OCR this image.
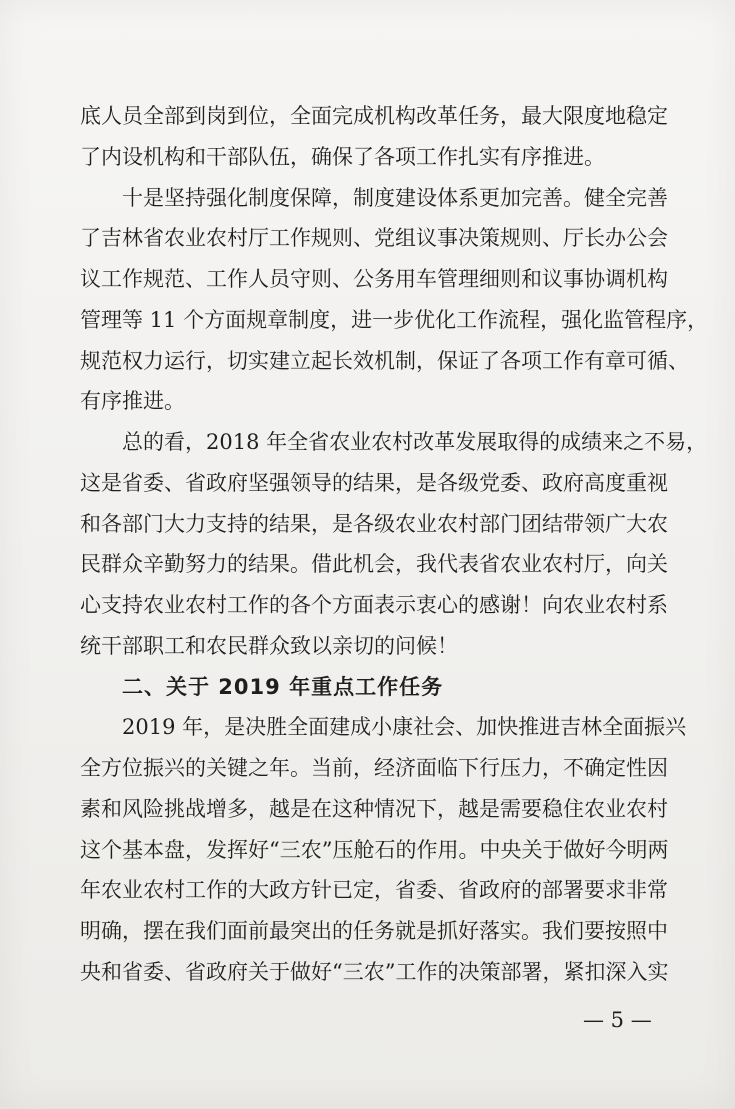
底人员全部到岗到位，全面完成机构改革任务，最大限度地稳定
了内设机构和干部队伍，确保了各项工作扎实有序推进。
十是坚持强化制度保障，制度建设体系更加完善。健全完善
了吉林省农业农村厅工作规则、党组议事决策规则、厅长办公会
议工作规范、工作人员守则、公务用车管理细则和议事协调机构
管理等 11 个方面规章制度，进一步优化工作流程，强化监管程序，
规范权力运行，切实建立起长效机制，保证了各项工作有章可循、
有序推进。
总的看，2018 年全省农业农村改革发展取得的成绩来之不易，
这是省委、省政府坚强领导的结果，是各级党委、政府高度重视
和各部门大力支持的结果，是各级农业农村部门团结带领广大农
民群众辛勤努力的结果。借此机会，我代表省农业农村厅，向关
心支持农业农村工作的各个方面表示衷心的感谢！向农业农村系
统干部职工和农民群众致以亲切的问候！
二、关于 2019 年重点工作任务
2019 年，是决胜全面建成小康社会、加快推进吉林全面振兴
全方位振兴的关键之年。当前，经济面临下行压力，不确定性因
素和风险挑战增多，越是在这种情况下，越是需要稳住农业农村
这个基本盘，发挥好“三农”压舱石的作用。中央关于做好今明两
年农业农村工作的大政方针已定，省委、省政府的部署要求非常
明确，摆在我们面前最突出的任务就是抓好落实。我们要按照中
央和省委、省政府关于做好“三农”工作的决策部署，紧扣深入实
— 5 —
